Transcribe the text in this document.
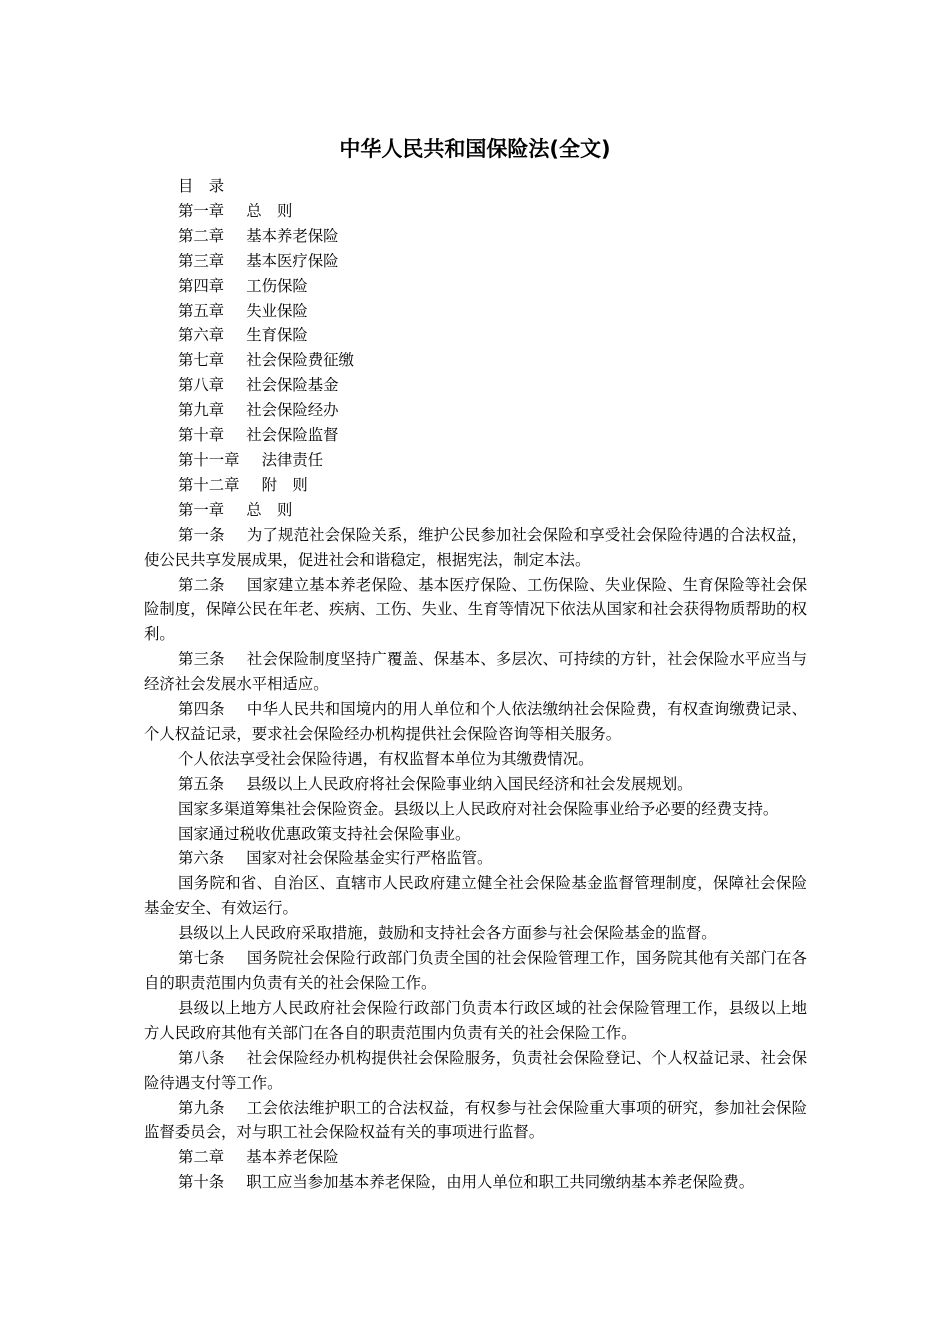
中华人民共和国保险法(全文)
目　录
第一章 总　则
第二章 基本养老保险
第三章 基本医疗保险
第四章 工伤保险
第五章 失业保险
第六章 生育保险
第七章 社会保险费征缴
第八章 社会保险基金
第九章 社会保险经办
第十章 社会保险监督
第十一章 法律责任
第十二章 附　则
第一章 总　则
第一条 为了规范社会保险关系，维护公民参加社会保险和享受社会保险待遇的合法权益，使公民共享发展成果，促进社会和谐稳定，根据宪法，制定本法。
第二条 国家建立基本养老保险、基本医疗保险、工伤保险、失业保险、生育保险等社会保险制度，保障公民在年老、疾病、工伤、失业、生育等情况下依法从国家和社会获得物质帮助的权利。
第三条 社会保险制度坚持广覆盖、保基本、多层次、可持续的方针，社会保险水平应当与经济社会发展水平相适应。
第四条 中华人民共和国境内的用人单位和个人依法缴纳社会保险费，有权查询缴费记录、个人权益记录，要求社会保险经办机构提供社会保险咨询等相关服务。
个人依法享受社会保险待遇，有权监督本单位为其缴费情况。
第五条 县级以上人民政府将社会保险事业纳入国民经济和社会发展规划。
国家多渠道筹集社会保险资金。县级以上人民政府对社会保险事业给予必要的经费支持。
国家通过税收优惠政策支持社会保险事业。
第六条 国家对社会保险基金实行严格监管。
国务院和省、自治区、直辖市人民政府建立健全社会保险基金监督管理制度，保障社会保险基金安全、有效运行。
县级以上人民政府采取措施，鼓励和支持社会各方面参与社会保险基金的监督。
第七条 国务院社会保险行政部门负责全国的社会保险管理工作，国务院其他有关部门在各自的职责范围内负责有关的社会保险工作。
县级以上地方人民政府社会保险行政部门负责本行政区域的社会保险管理工作，县级以上地方人民政府其他有关部门在各自的职责范围内负责有关的社会保险工作。
第八条 社会保险经办机构提供社会保险服务，负责社会保险登记、个人权益记录、社会保险待遇支付等工作。
第九条 工会依法维护职工的合法权益，有权参与社会保险重大事项的研究，参加社会保险监督委员会，对与职工社会保险权益有关的事项进行监督。
第二章 基本养老保险
第十条 职工应当参加基本养老保险，由用人单位和职工共同缴纳基本养老保险费。
